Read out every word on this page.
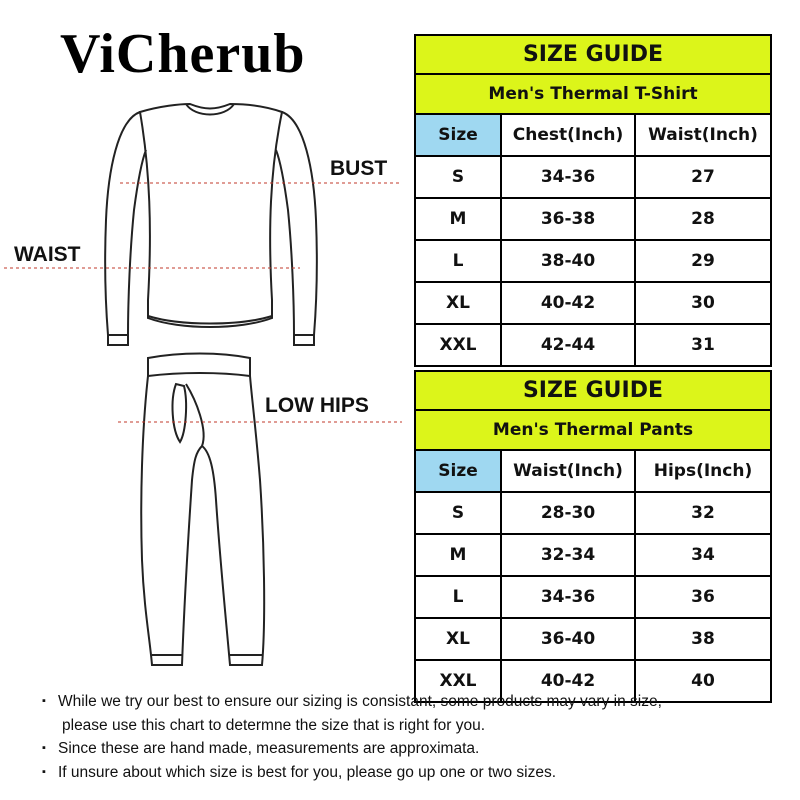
ViCherub
BUST
WAIST
LOW HIPS
SIZE GUIDE		
Men's Thermal T-Shirt		
Size	Chest(Inch)	Waist(Inch)
S	34-36	27
M	36-38	28
L	38-40	29
XL	40-42	30
XXL	42-44	31
SIZE GUIDE		
Men's Thermal Pants		
Size	Waist(Inch)	Hips(Inch)
S	28-30	32
M	32-34	34
L	34-36	36
XL	36-40	38
XXL	40-42	40
▪ While we try our best to ensure our sizing is consistant, some products may vary in size,
please use this chart to determne the size that is right for you.
▪ Since these are hand made, measurements are approximata.
▪ If unsure about which size is best for you, please go up one or two sizes.
